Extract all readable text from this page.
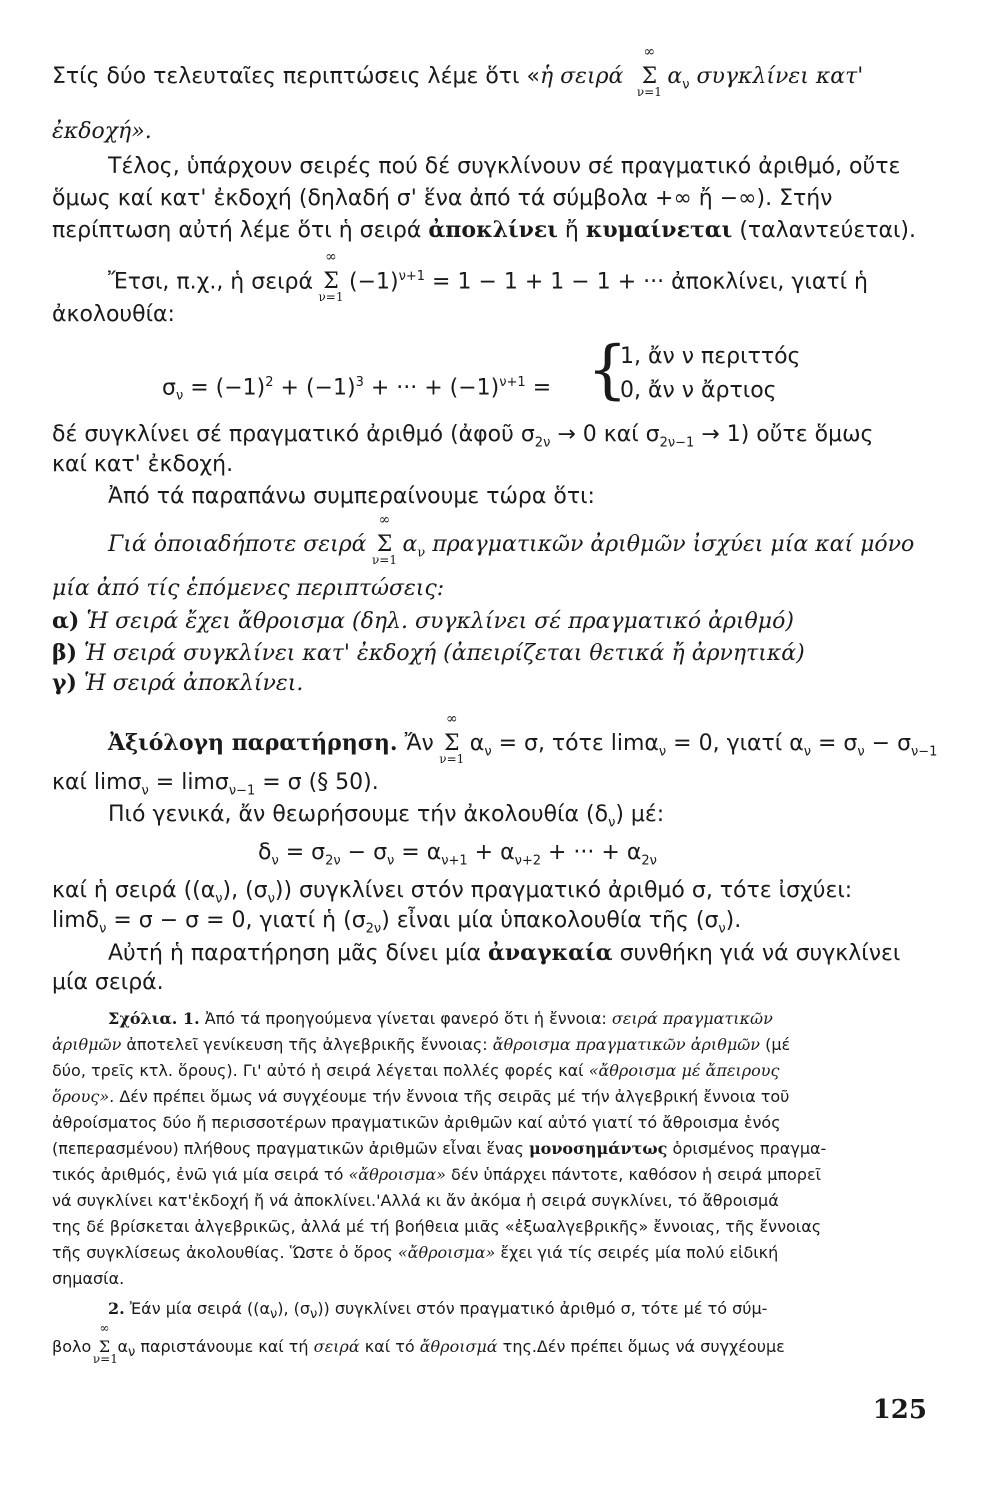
Στίς δύο τελευταῖες περιπτώσεις λέμε ὅτι «ἡ σειρά
∞
Σ
ν=1
$\alpha_\nu$ συγκλίνει κατ'
ἐκδοχή».
Τέλος, ὑπάρχουν σειρές πού δέ συγκλίνουν σέ πραγματικό ἀριθμό, οὔτε
ὅμως καί κατ' ἐκδοχή (δηλαδή σ' ἕνα ἀπό τά σύμβολα +∞ ἤ −∞). Στήν
περίπτωση αὐτή λέμε ὅτι ἡ σειρά ἀποκλίνει ἤ κυμαίνεται (ταλαντεύεται).
Ἔτσι, π.χ., ἡ σειρά
∞
Σ
ν=1
$(-1)^{\nu+1} = 1 - 1 + 1 - 1$ + ··· ἀποκλίνει, γιατί ἡ
ἀκολουθία:
$\sigma_\nu = (-1)^2 + (-1)^3$ + ··· + $(-1)^{\nu+1}$ = {
1, ἄν ν περιττός
0, ἄν ν ἄρτιος
δέ συγκλίνει σέ πραγματικό ἀριθμό (ἀφοῦ $\sigma_{2\nu} \to 0$ καί $\sigma_{2\nu-1} \to 1$) οὔτε ὅμως
καί κατ' ἐκδοχή.
Ἀπό τά παραπάνω συμπεραίνουμε τώρα ὅτι:
Γιά ὁποιαδήποτε σειρά
∞
Σ
ν=1
$\alpha_\nu$ πραγματικῶν ἀριθμῶν ἰσχύει μία καί μόνο
μία ἀπό τίς ἑπόμενες περιπτώσεις:
α) Ἡ σειρά ἔχει ἄθροισμα (δηλ. συγκλίνει σέ πραγματικό ἀριθμό)
β) Ἡ σειρά συγκλίνει κατ' ἐκδοχή (ἀπειρίζεται θετικά ἤ ἀρνητικά)
γ) Ἡ σειρά ἀποκλίνει.
Ἀξιόλογη παρατήρηση. Ἄν
∞
Σ
ν=1
$\alpha_\nu = \sigma$, τότε limα$_\nu$ = 0, γιατί $\alpha_\nu = \sigma_\nu - \sigma_{\nu-1}$
καί limσ$_\nu$ = limσ$_{\nu-1}$ = σ (§ 50).
Πιό γενικά, ἄν θεωρήσουμε τήν ἀκολουθία $(\delta_\nu)$ μέ:
$\delta_\nu = \sigma_{2\nu} - \sigma_\nu = \alpha_{\nu+1} + \alpha_{\nu+2}$ + ··· + $\alpha_{2\nu}$
καί ἡ σειρά ($(\alpha_\nu)$, $(\sigma_\nu)$) συγκλίνει στόν πραγματικό ἀριθμό σ, τότε ἰσχύει:
limδ$_\nu$ = σ − σ = 0, γιατί ἡ $(\sigma_{2\nu})$ εἶναι μία ὑπακολουθία τῆς $(\sigma_\nu)$.
Αὐτή ἡ παρατήρηση μᾶς δίνει μία ἀναγκαία συνθήκη γιά νά συγκλίνει
μία σειρά.
Σχόλια. 1. Ἀπό τά προηγούμενα γίνεται φανερό ὅτι ἡ ἔννοια: σειρά πραγματικῶν
ἀριθμῶν ἀποτελεῖ γενίκευση τῆς ἀλγεβρικῆς ἔννοιας: ἄθροισμα πραγματικῶν ἀριθμῶν (μέ
δύο, τρεῖς κτλ. ὅρους). Γι' αὐτό ἡ σειρά λέγεται πολλές φορές καί «ἄθροισμα μέ ἄπειρους
ὅρους». Δέν πρέπει ὅμως νά συγχέουμε τήν ἔννοια τῆς σειρᾶς μέ τήν ἀλγεβρική ἔννοια τοῦ
ἀθροίσματος δύο ἤ περισσοτέρων πραγματικῶν ἀριθμῶν καί αὐτό γιατί τό ἄθροισμα ἑνός
(πεπερασμένου) πλήθους πραγματικῶν ἀριθμῶν εἶναι ἕνας μονοσημάντως ὁρισμένος πραγμα-
τικός ἀριθμός, ἐνῶ γιά μία σειρά τό «ἄθροισμα» δέν ὑπάρχει πάντοτε, καθόσον ἡ σειρά μπορεῖ
νά συγκλίνει κατ'ἐκδοχή ἤ νά ἀποκλίνει.'Αλλά κι ἄν ἀκόμα ἡ σειρά συγκλίνει, τό ἄθροισμά
της δέ βρίσκεται ἀλγεβρικῶς, ἀλλά μέ τή βοήθεια μιᾶς «ἐξωαλγεβρικῆς» ἔννοιας, τῆς ἔννοιας
τῆς συγκλίσεως ἀκολουθίας. Ὥστε ὁ ὅρος «ἄθροισμα» ἔχει γιά τίς σειρές μία πολύ εἰδική
σημασία.
2. Ἐάν μία σειρά ($(\alpha_\nu)$, $(\sigma_\nu)$) συγκλίνει στόν πραγματικό ἀριθμό σ, τότε μέ τό σύμ-
βολο
∞
Σ
ν=1
$\alpha_\nu$ παριστάνουμε καί τή σειρά καί τό ἄθροισμά της.Δέν πρέπει ὅμως νά συγχέουμε
125
